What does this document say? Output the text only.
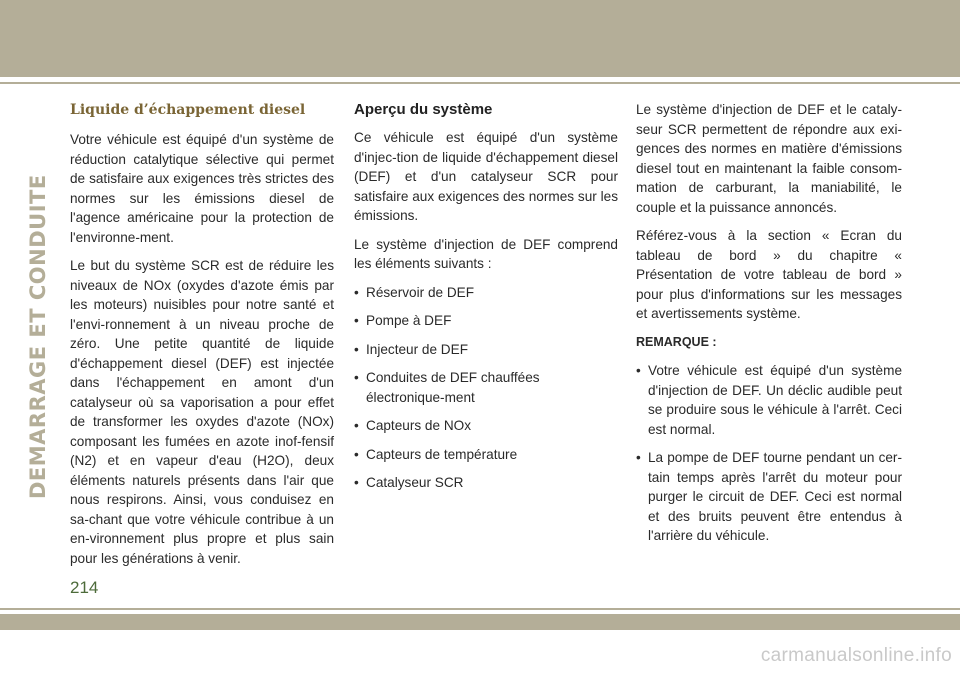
DEMARRAGE ET CONDUITE
Liquide d’échappement diesel

Votre véhicule est équipé d'un système de réduction catalytique sélective qui permet de satisfaire aux exigences très strictes des normes sur les émissions diesel de l'agence américaine pour la protection de l'environne-ment.

Le but du système SCR est de réduire les niveaux de NOx (oxydes d'azote émis par les moteurs) nuisibles pour notre santé et l'envi-ronnement à un niveau proche de zéro. Une petite quantité de liquide d'échappement diesel (DEF) est injectée dans l'échappement en amont d'un catalyseur où sa vaporisation a pour effet de transformer les oxydes d'azote (NOx) composant les fumées en azote inof-fensif (N2) et en vapeur d'eau (H2O), deux éléments naturels présents dans l'air que nous respirons. Ainsi, vous conduisez en sa-chant que votre véhicule contribue à un en-vironnement plus propre et plus sain pour les générations à venir.

Aperçu du système

Ce véhicule est équipé d'un système d'injec-tion de liquide d'échappement diesel (DEF) et d'un catalyseur SCR pour satisfaire aux exigences des normes sur les émissions.

Le système d'injection de DEF comprend les éléments suivants :

• Réservoir de DEF
• Pompe à DEF
• Injecteur de DEF
• Conduites de DEF chauffées électronique-ment
• Capteurs de NOx
• Capteurs de température
• Catalyseur SCR

Le système d'injection de DEF et le cataly-seur SCR permettent de répondre aux exi-gences des normes en matière d'émissions diesel tout en maintenant la faible consom-mation de carburant, la maniabilité, le couple et la puissance annoncés.

Référez-vous à la section « Ecran du tableau de bord » du chapitre « Présentation de votre tableau de bord » pour plus d'informations sur les messages et avertissements système.

REMARQUE :
• Votre véhicule est équipé d'un système d'injection de DEF. Un déclic audible peut se produire sous le véhicule à l'arrêt. Ceci est normal.
• La pompe de DEF tourne pendant un cer-tain temps après l'arrêt du moteur pour purger le circuit de DEF. Ceci est normal et des bruits peuvent être entendus à l'arrière du véhicule.
214
carmanualsonline.info
